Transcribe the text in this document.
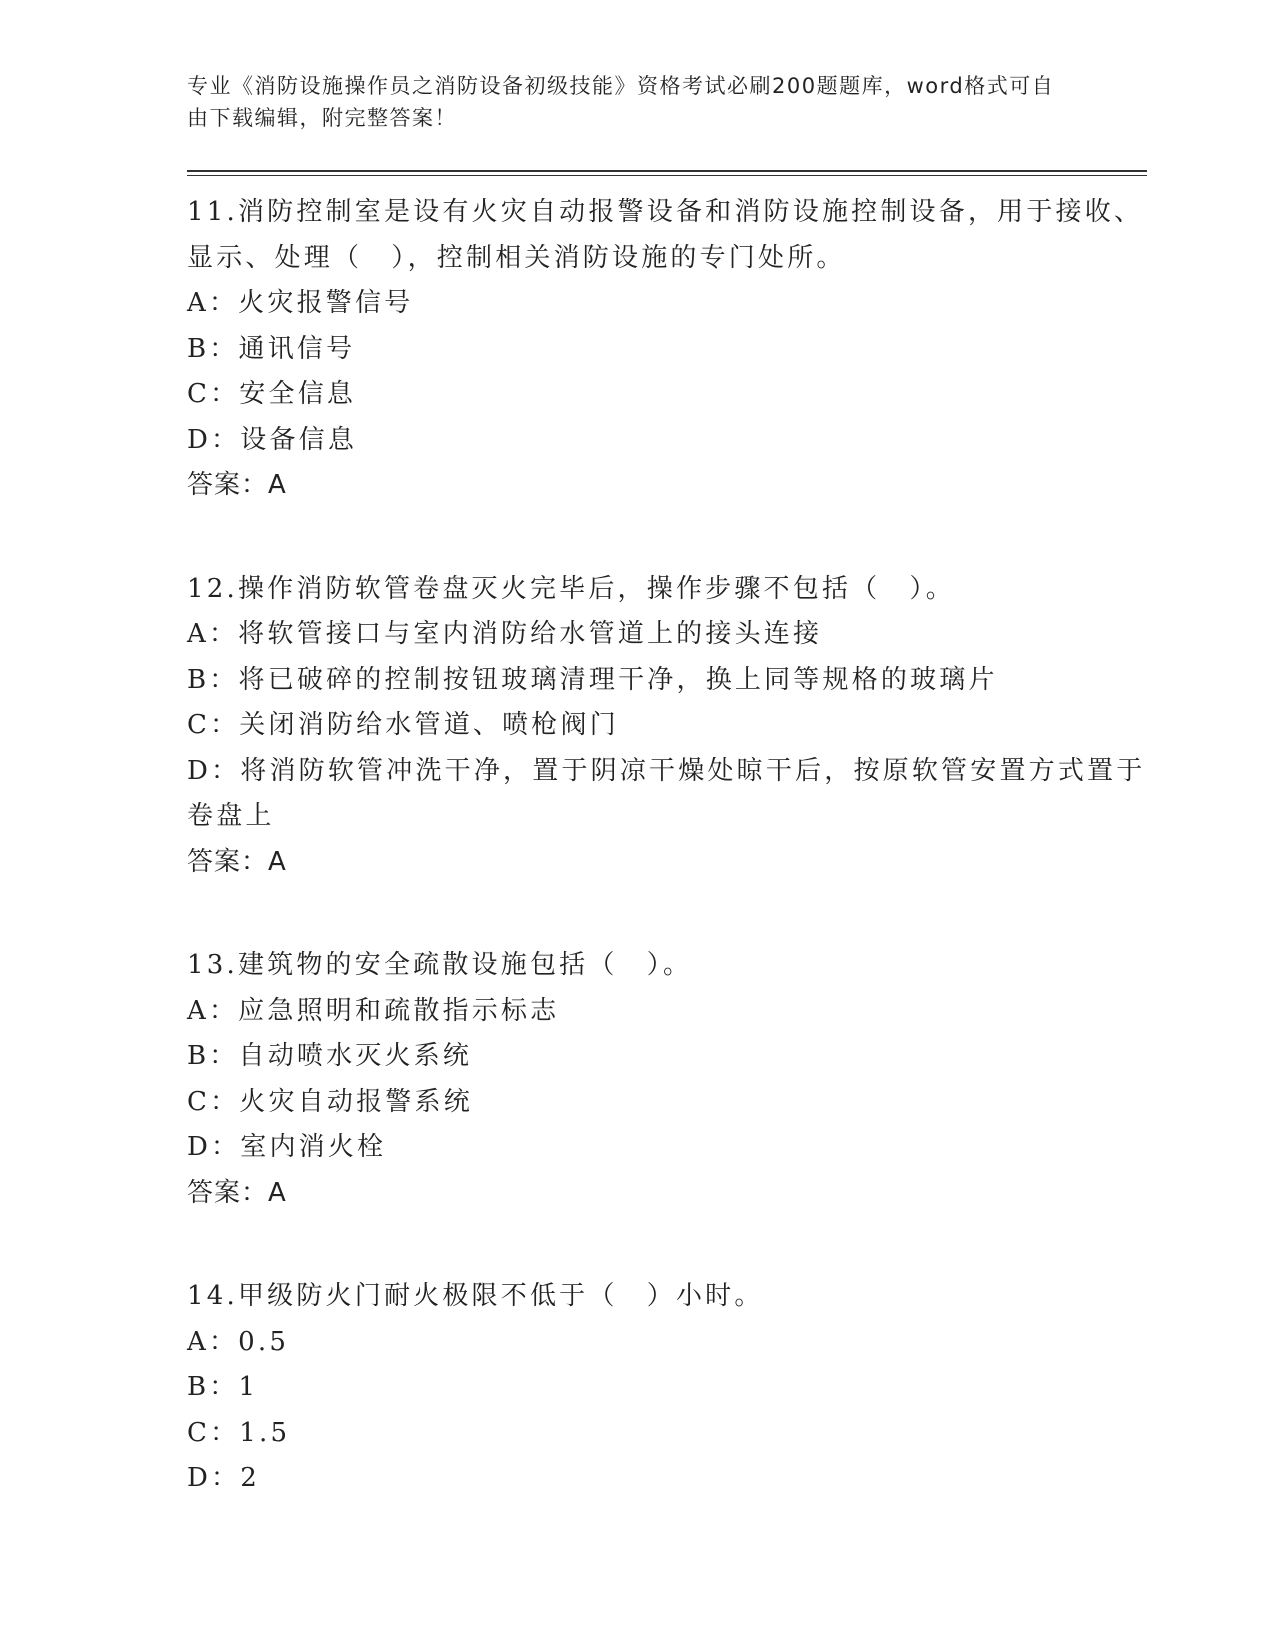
专业《消防设施操作员之消防设备初级技能》资格考试必刷200题题库，word格式可自由下载编辑，附完整答案！

11.消防控制室是设有火灾自动报警设备和消防设施控制设备，用于接收、显示、处理（　），控制相关消防设施的专门处所。

A：火灾报警信号

B：通讯信号

C：安全信息

D：设备信息

答案：A

12.操作消防软管卷盘灭火完毕后，操作步骤不包括（　）。

A：将软管接口与室内消防给水管道上的接头连接

B：将已破碎的控制按钮玻璃清理干净，换上同等规格的玻璃片

C：关闭消防给水管道、喷枪阀门

D：将消防软管冲洗干净，置于阴凉干燥处晾干后，按原软管安置方式置于卷盘上

答案：A

13.建筑物的安全疏散设施包括（　）。

A：应急照明和疏散指示标志

B：自动喷水灭火系统

C：火灾自动报警系统

D：室内消火栓

答案：A

14.甲级防火门耐火极限不低于（　）小时。

A：0.5

B：1

C：1.5

D：2
